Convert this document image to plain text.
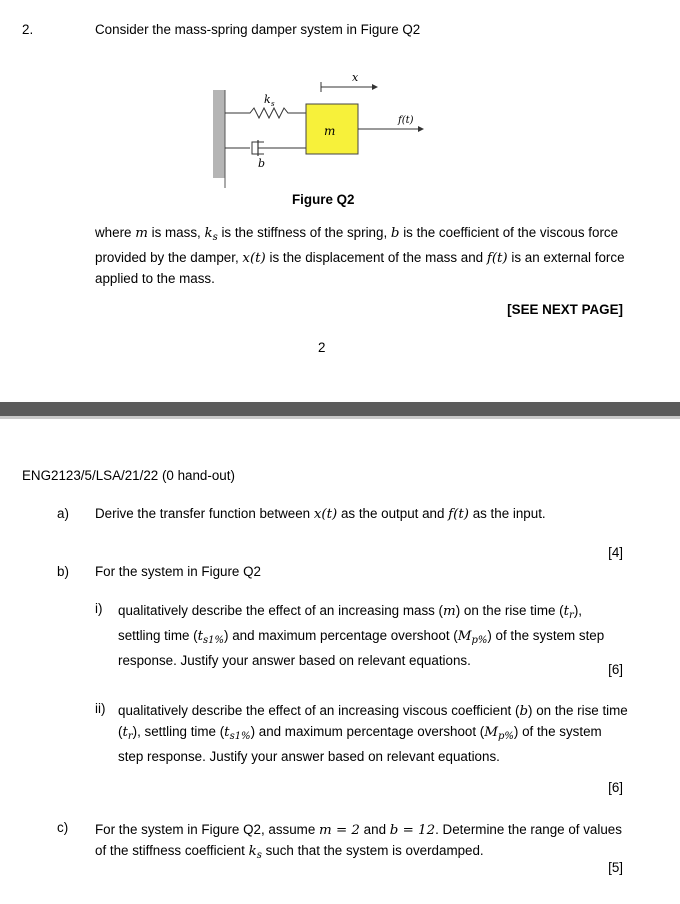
2.	Consider the mass-spring damper system in Figure Q2
k s
b
m
x
f(t)
Figure Q2
where m is mass, $k_s$ is the stiffness of the spring, b is the coefficient of the viscous force provided by the damper, x(t) is the displacement of the mass and f(t) is an external force applied to the mass.
[SEE NEXT PAGE]
2
ENG2123/5/LSA/21/22 (0 hand-out)
a) Derive the transfer function between x(t) as the output and f(t) as the input.
[4]
b) For the system in Figure Q2
i) qualitatively describe the effect of an increasing mass (m) on the rise time $(t_r)$, settling time $(t_{s1\%})$ and maximum percentage overshoot $(M_{p\%})$ of the system step response. Justify your answer based on relevant equations.
[6]
ii) qualitatively describe the effect of an increasing viscous coefficient (b) on the rise time $(t_r)$, settling time $(t_{s1\%})$ and maximum percentage overshoot $(M_{p\%})$ of the system step response. Justify your answer based on relevant equations.
[6]
c) For the system in Figure Q2, assume m = 2 and b = 12. Determine the range of values of the stiffness coefficient $k_s$ such that the system is overdamped.
[5]
